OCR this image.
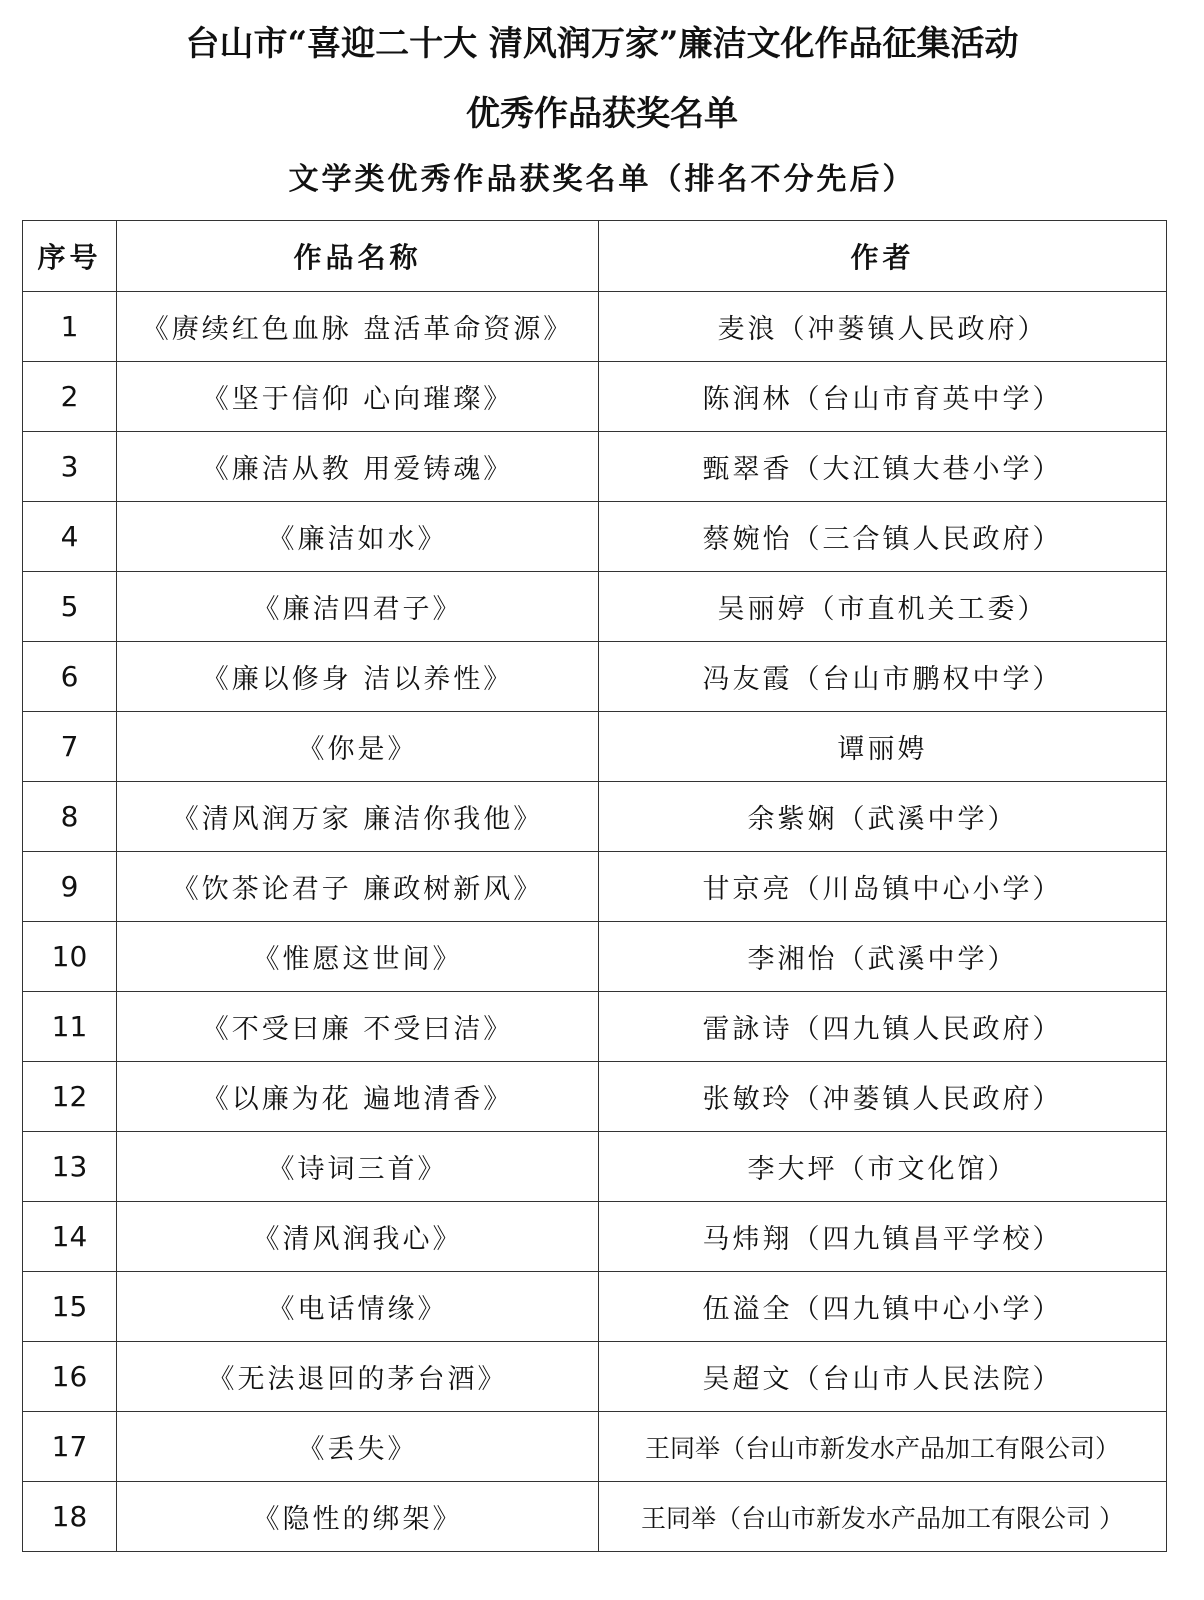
台山市“喜迎二十大 清风润万家”廉洁文化作品征集活动
优秀作品获奖名单
文学类优秀作品获奖名单（排名不分先后）
序号	作品名称	作者
1	《赓续红色血脉 盘活革命资源》	麦浪（冲蒌镇人民政府）
2	《坚于信仰 心向璀璨》	陈润林（台山市育英中学）
3	《廉洁从教 用爱铸魂》	甄翠香（大江镇大巷小学）
4	《廉洁如水》	蔡婉怡（三合镇人民政府）
5	《廉洁四君子》	吴丽婷（市直机关工委）
6	《廉以修身 洁以养性》	冯友霞（台山市鹏权中学）
7	《你是》	谭丽娉
8	《清风润万家 廉洁你我他》	余紫娴（武溪中学）
9	《饮茶论君子 廉政树新风》	甘京亮（川岛镇中心小学）
10	《惟愿这世间》	李湘怡（武溪中学）
11	《不受曰廉 不受曰洁》	雷詠诗（四九镇人民政府）
12	《以廉为花 遍地清香》	张敏玲（冲蒌镇人民政府）
13	《诗词三首》	李大坪（市文化馆）
14	《清风润我心》	马炜翔（四九镇昌平学校）
15	《电话情缘》	伍溢全（四九镇中心小学）
16	《无法退回的茅台酒》	吴超文（台山市人民法院）
17	《丢失》	王同举（台山市新发水产品加工有限公司）
18	《隐性的绑架》	王同举（台山市新发水产品加工有限公司 ）
